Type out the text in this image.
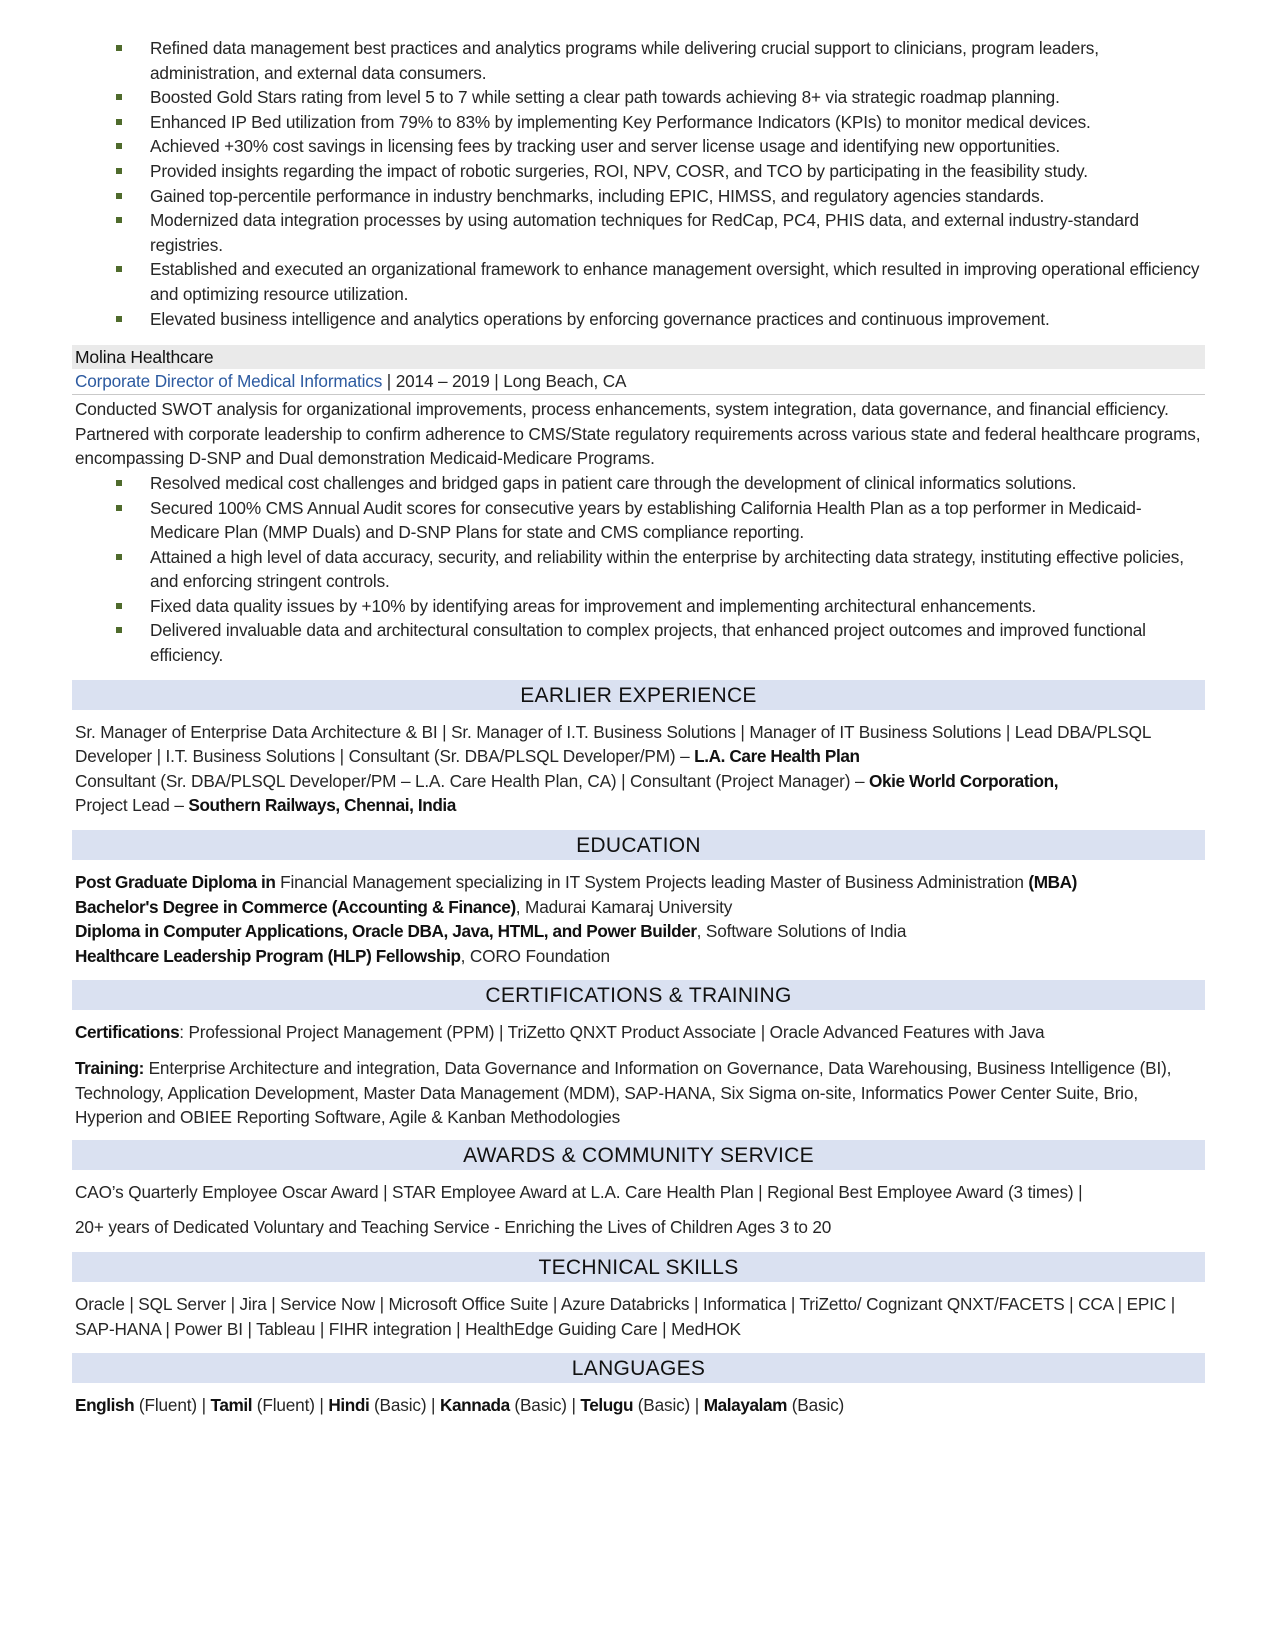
Refined data management best practices and analytics programs while delivering crucial support to clinicians, program leaders, administration, and external data consumers.
Boosted Gold Stars rating from level 5 to 7 while setting a clear path towards achieving 8+ via strategic roadmap planning.
Enhanced IP Bed utilization from 79% to 83% by implementing Key Performance Indicators (KPIs) to monitor medical devices.
Achieved +30% cost savings in licensing fees by tracking user and server license usage and identifying new opportunities.
Provided insights regarding the impact of robotic surgeries, ROI, NPV, COSR, and TCO by participating in the feasibility study.
Gained top-percentile performance in industry benchmarks, including EPIC, HIMSS, and regulatory agencies standards.
Modernized data integration processes by using automation techniques for RedCap, PC4, PHIS data, and external industry-standard registries.
Established and executed an organizational framework to enhance management oversight, which resulted in improving operational efficiency and optimizing resource utilization.
Elevated business intelligence and analytics operations by enforcing governance practices and continuous improvement.
Molina Healthcare
Corporate Director of Medical Informatics | 2014 – 2019 | Long Beach, CA
Conducted SWOT analysis for organizational improvements, process enhancements, system integration, data governance, and financial efficiency. Partnered with corporate leadership to confirm adherence to CMS/State regulatory requirements across various state and federal healthcare programs, encompassing D-SNP and Dual demonstration Medicaid-Medicare Programs.
Resolved medical cost challenges and bridged gaps in patient care through the development of clinical informatics solutions.
Secured 100% CMS Annual Audit scores for consecutive years by establishing California Health Plan as a top performer in Medicaid-Medicare Plan (MMP Duals) and D-SNP Plans for state and CMS compliance reporting.
Attained a high level of data accuracy, security, and reliability within the enterprise by architecting data strategy, instituting effective policies, and enforcing stringent controls.
Fixed data quality issues by +10% by identifying areas for improvement and implementing architectural enhancements.
Delivered invaluable data and architectural consultation to complex projects, that enhanced project outcomes and improved functional efficiency.
EARLIER EXPERIENCE
Sr. Manager of Enterprise Data Architecture & BI | Sr. Manager of I.T. Business Solutions | Manager of IT Business Solutions | Lead DBA/PLSQL Developer | I.T. Business Solutions | Consultant (Sr. DBA/PLSQL Developer/PM) – L.A. Care Health Plan
Consultant (Sr. DBA/PLSQL Developer/PM – L.A. Care Health Plan, CA) | Consultant (Project Manager) – Okie World Corporation,
Project Lead – Southern Railways, Chennai, India
EDUCATION
Post Graduate Diploma in Financial Management specializing in IT System Projects leading Master of Business Administration (MBA)
Bachelor's Degree in Commerce (Accounting & Finance), Madurai Kamaraj University
Diploma in Computer Applications, Oracle DBA, Java, HTML, and Power Builder, Software Solutions of India
Healthcare Leadership Program (HLP) Fellowship, CORO Foundation
CERTIFICATIONS & TRAINING
Certifications: Professional Project Management (PPM) | TriZetto QNXT Product Associate | Oracle Advanced Features with Java
Training: Enterprise Architecture and integration, Data Governance and Information on Governance, Data Warehousing, Business Intelligence (BI), Technology, Application Development, Master Data Management (MDM), SAP-HANA, Six Sigma on-site, Informatics Power Center Suite, Brio, Hyperion and OBIEE Reporting Software, Agile & Kanban Methodologies
AWARDS & COMMUNITY SERVICE
CAO’s Quarterly Employee Oscar Award | STAR Employee Award at L.A. Care Health Plan | Regional Best Employee Award (3 times) |
20+ years of Dedicated Voluntary and Teaching Service - Enriching the Lives of Children Ages 3 to 20
TECHNICAL SKILLS
Oracle | SQL Server | Jira | Service Now | Microsoft Office Suite | Azure Databricks | Informatica | TriZetto/ Cognizant QNXT/FACETS | CCA | EPIC | SAP-HANA | Power BI | Tableau | FIHR integration | HealthEdge Guiding Care | MedHOK
LANGUAGES
English (Fluent) | Tamil (Fluent) | Hindi (Basic) | Kannada (Basic) | Telugu (Basic) | Malayalam (Basic)
